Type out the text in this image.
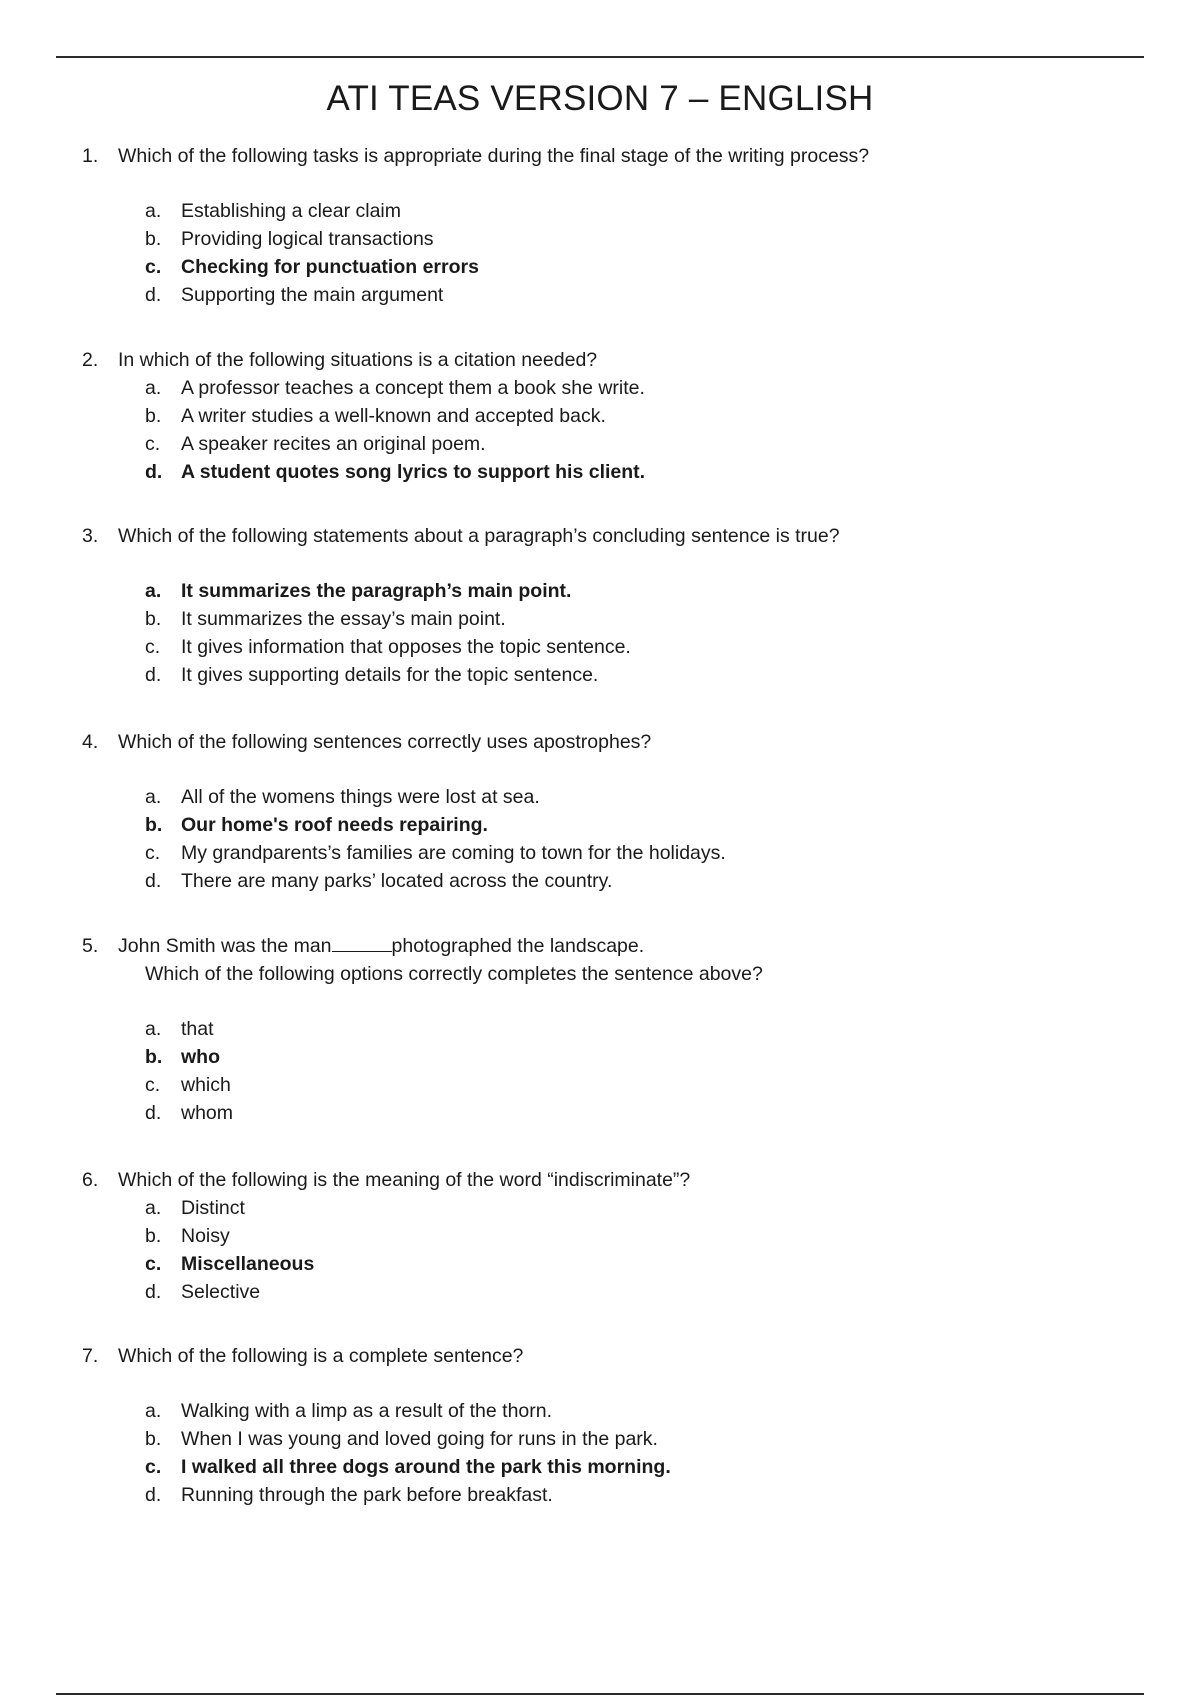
ATI TEAS VERSION 7 – ENGLISH
1. Which of the following tasks is appropriate during the final stage of the writing process?
a. Establishing a clear claim
b. Providing logical transactions
c. Checking for punctuation errors
d. Supporting the main argument
2. In which of the following situations is a citation needed?
a. A professor teaches a concept them a book she write.
b. A writer studies a well-known and accepted back.
c. A speaker recites an original poem.
d. A student quotes song lyrics to support his client.
3. Which of the following statements about a paragraph’s concluding sentence is true?
a. It summarizes the paragraph’s main point.
b. It summarizes the essay’s main point.
c. It gives information that opposes the topic sentence.
d. It gives supporting details for the topic sentence.
4. Which of the following sentences correctly uses apostrophes?
a. All of the womens things were lost at sea.
b. Our home's roof needs repairing.
c. My grandparents’s families are coming to town for the holidays.
d. There are many parks’ located across the country.
5. John Smith was the man	photographed the landscape.
Which of the following options correctly completes the sentence above?
a. that
b. who
c. which
d. whom
6. Which of the following is the meaning of the word “indiscriminate”?
a. Distinct
b. Noisy
c. Miscellaneous
d. Selective
7. Which of the following is a complete sentence?
a. Walking with a limp as a result of the thorn.
b. When I was young and loved going for runs in the park.
c. I walked all three dogs around the park this morning.
d. Running through the park before breakfast.
